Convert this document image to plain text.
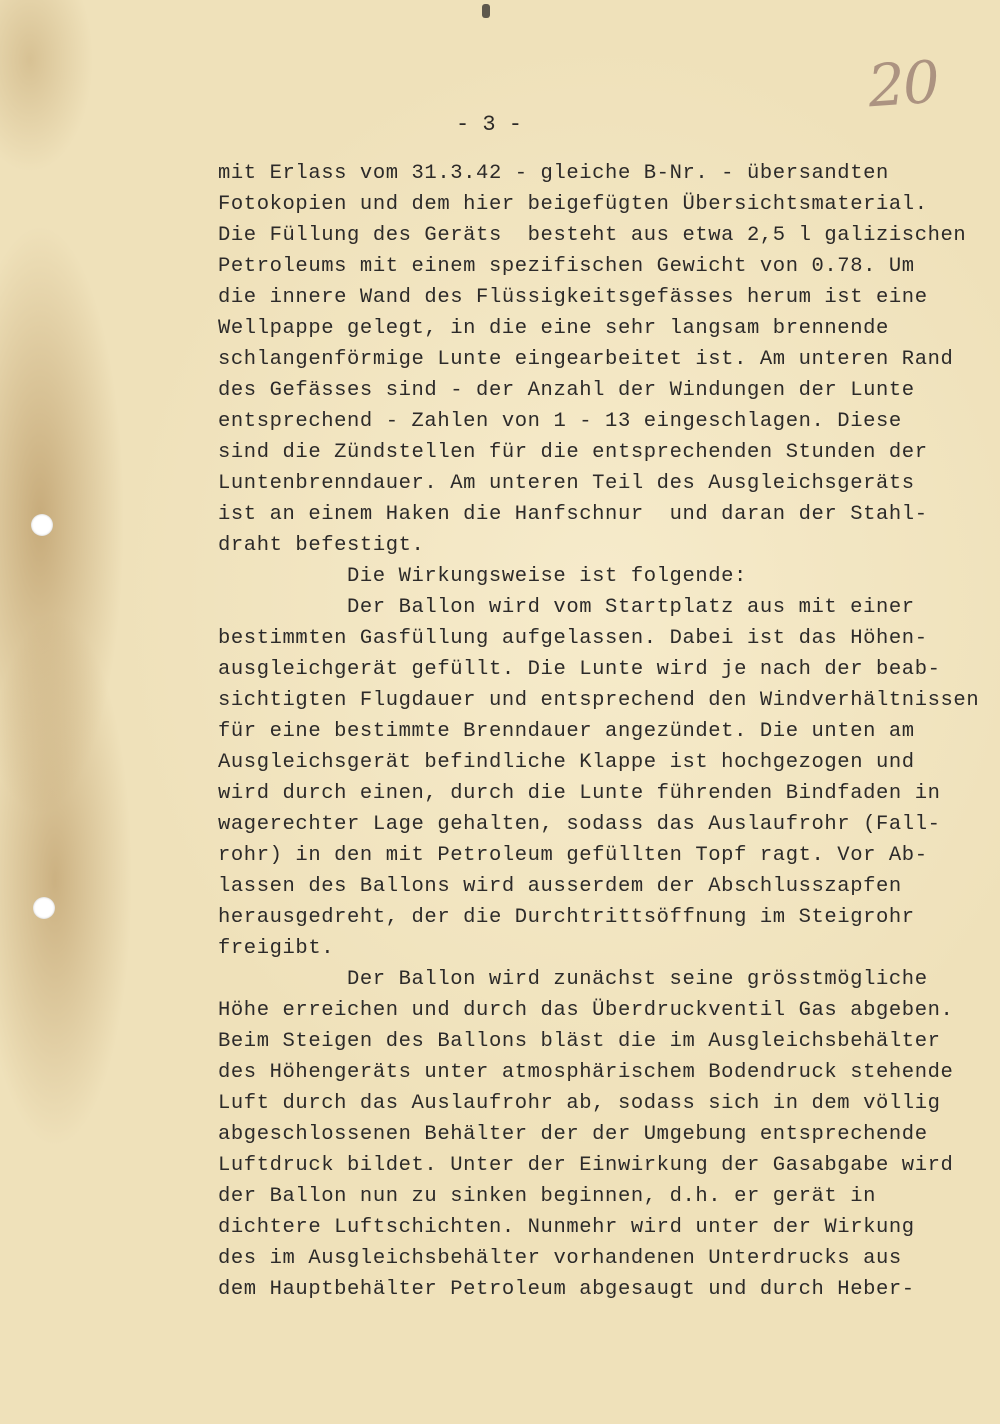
20
- 3 -
mit Erlass vom 31.3.42 - gleiche B-Nr. - übersandten
Fotokopien und dem hier beigefügten Übersichtsmaterial.
Die Füllung des Geräts  besteht aus etwa 2,5 l galizischen
Petroleums mit einem spezifischen Gewicht von 0.78. Um
die innere Wand des Flüssigkeitsgefässes herum ist eine
Wellpappe gelegt, in die eine sehr langsam brennende
schlangenförmige Lunte eingearbeitet ist. Am unteren Rand
des Gefässes sind - der Anzahl der Windungen der Lunte
entsprechend - Zahlen von 1 - 13 eingeschlagen. Diese
sind die Zündstellen für die entsprechenden Stunden der
Luntenbrenndauer. Am unteren Teil des Ausgleichsgeräts
ist an einem Haken die Hanfschnur  und daran der Stahl-
draht befestigt.
Die Wirkungsweise ist folgende:
Der Ballon wird vom Startplatz aus mit einer
bestimmten Gasfüllung aufgelassen. Dabei ist das Höhen-
ausgleichgerät gefüllt. Die Lunte wird je nach der beab-
sichtigten Flugdauer und entsprechend den Windverhältnissen
für eine bestimmte Brenndauer angezündet. Die unten am
Ausgleichsgerät befindliche Klappe ist hochgezogen und
wird durch einen, durch die Lunte führenden Bindfaden in
wagerechter Lage gehalten, sodass das Auslaufrohr (Fall-
rohr) in den mit Petroleum gefüllten Topf ragt. Vor Ab-
lassen des Ballons wird ausserdem der Abschlusszapfen
herausgedreht, der die Durchtrittsöffnung im Steigrohr
freigibt.
Der Ballon wird zunächst seine grösstmögliche
Höhe erreichen und durch das Überdruckventil Gas abgeben.
Beim Steigen des Ballons bläst die im Ausgleichsbehälter
des Höhengeräts unter atmosphärischem Bodendruck stehende
Luft durch das Auslaufrohr ab, sodass sich in dem völlig
abgeschlossenen Behälter der der Umgebung entsprechende
Luftdruck bildet. Unter der Einwirkung der Gasabgabe wird
der Ballon nun zu sinken beginnen, d.h. er gerät in
dichtere Luftschichten. Nunmehr wird unter der Wirkung
des im Ausgleichsbehälter vorhandenen Unterdrucks aus
dem Hauptbehälter Petroleum abgesaugt und durch Heber-
